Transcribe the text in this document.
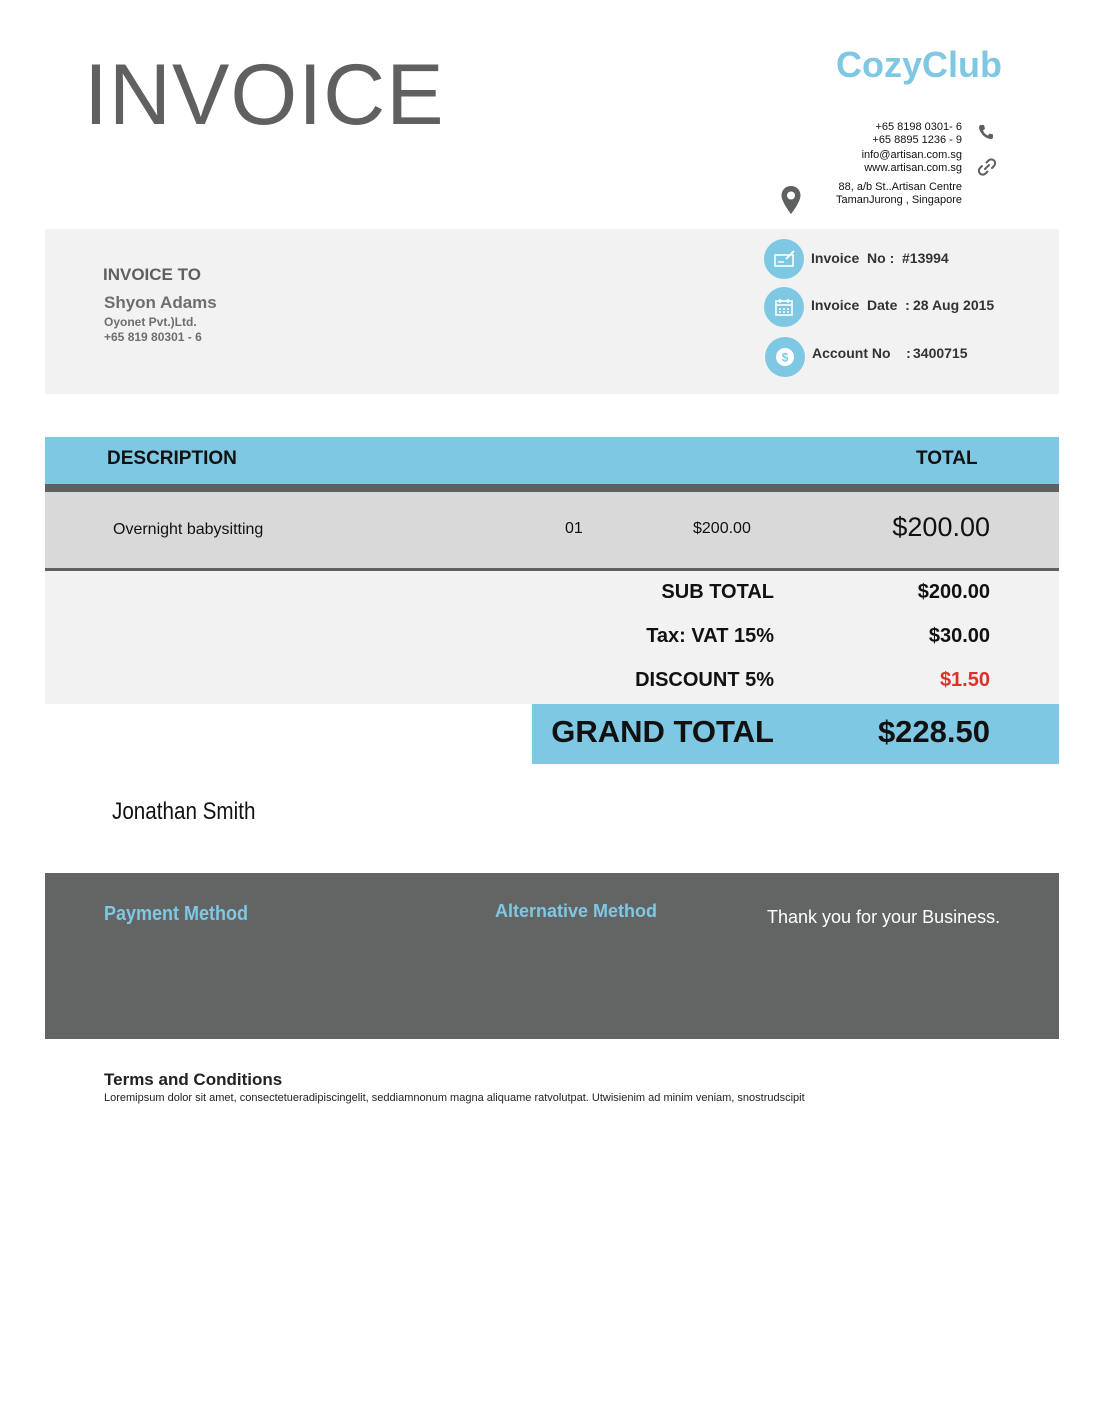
INVOICE	CozyClub
+65 8198 0301- 6
+65 8895 1236 - 9
info@artisan.com.sg
www.artisan.com.sg
88, a/b St..Artisan Centre
TamanJurong , Singapore
INVOICE TO
Shyon Adams
Oyonet Pvt.)Ltd.
+65 819 80301 - 6
Invoice  No : #13994
Invoice  Date  : 28 Aug 2015
$ Account No    : 3400715
DESCRIPTION	TOTAL
Overnight babysitting	01	$200.00	$200.00
SUB TOTAL	$200.00
Tax: VAT 15%	$30.00
DISCOUNT 5%	$1.50
GRAND TOTAL	$228.50
Jonathan Smith
Payment Method	Alternative Method	Thank you for your Business.
Terms and Conditions
Loremipsum dolor sit amet, consectetueradipiscingelit, seddiamnonum magna aliquame ratvolutpat. Utwisienim ad minim veniam, snostrudscipit
